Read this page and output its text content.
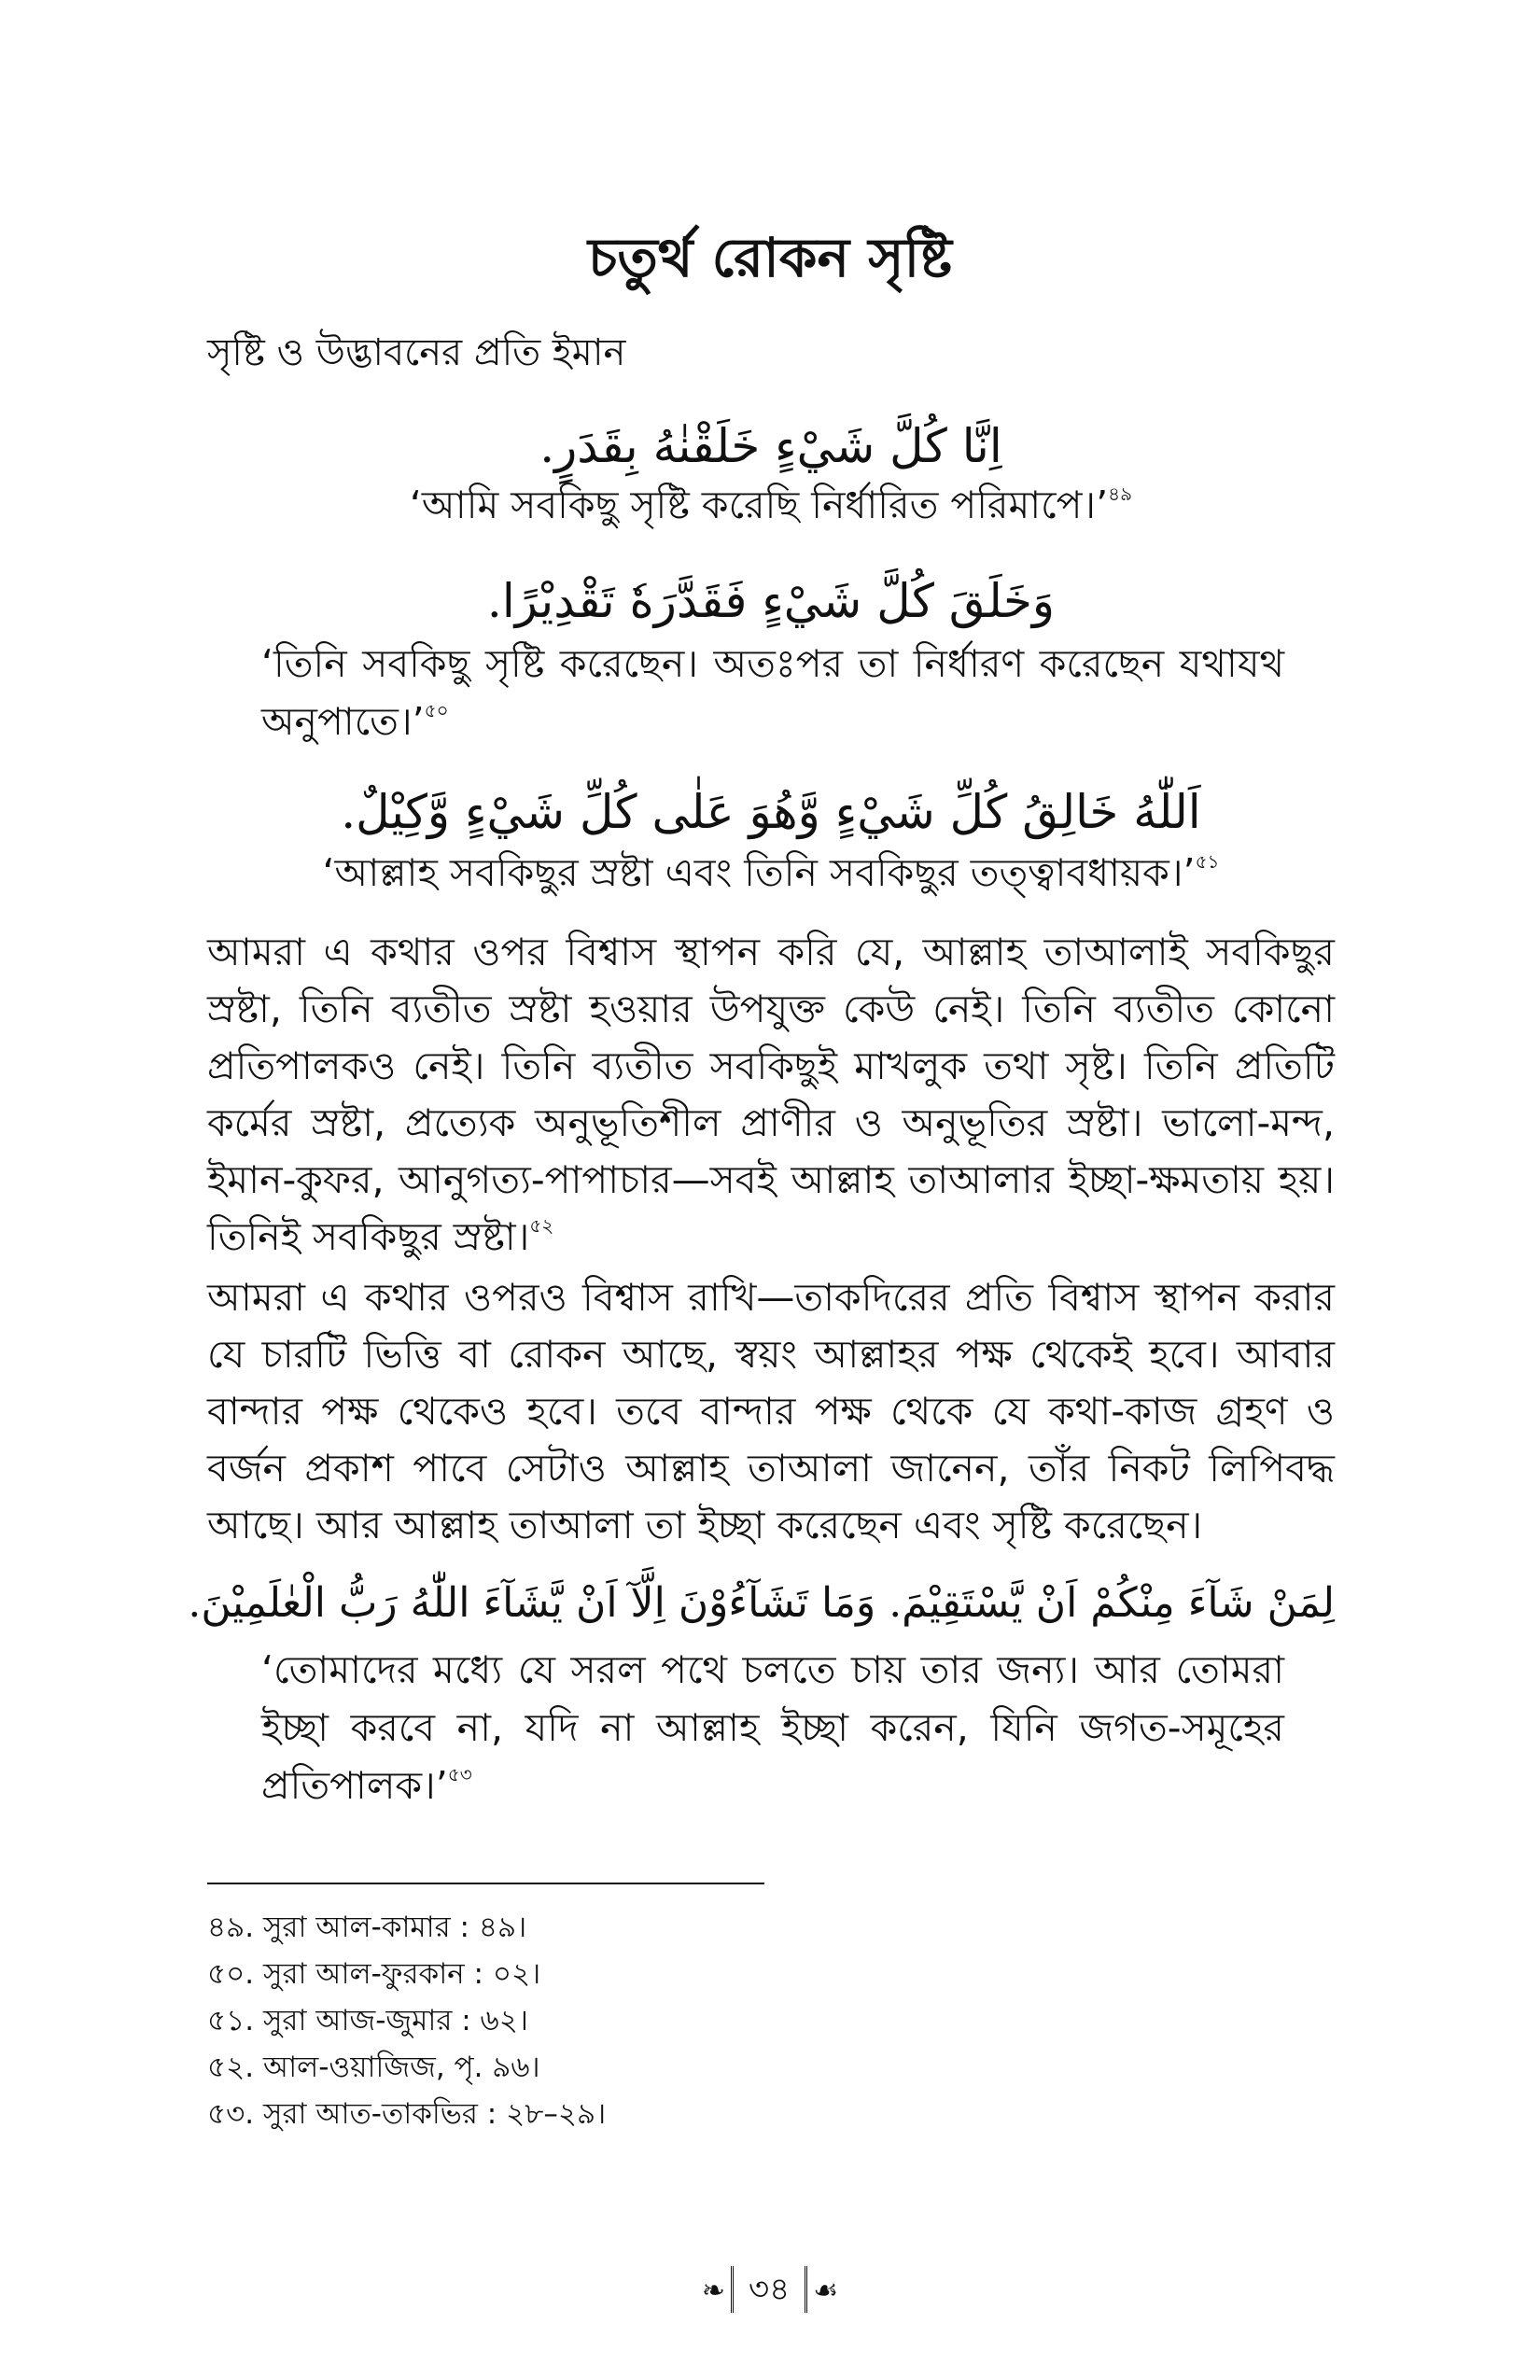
চতুর্থ রোকন সৃষ্টি
সৃষ্টি ও উদ্ভাবনের প্রতি ইমান
اِنَّا كُلَّ شَيْءٍ خَلَقْنٰهُ بِقَدَرٍ.
‘আমি সবকিছু সৃষ্টি করেছি নির্ধারিত পরিমাপে।’$^{৪৯}$
وَخَلَقَ كُلَّ شَيْءٍ فَقَدَّرَهٗ تَقْدِيْرًا.
‘তিনি সবকিছু সৃষ্টি করেছেন। অতঃপর তা নির্ধারণ করেছেন যথাযথ অনুপাতে।’$^{৫০}$
اَللّٰهُ خَالِقُ كُلِّ شَيْءٍ وَّهُوَ عَلٰى كُلِّ شَيْءٍ وَّكِيْلٌ.
‘আল্লাহ সবকিছুর স্রষ্টা এবং তিনি সবকিছুর তত্ত্বাবধায়ক।’$^{৫১}$
আমরা এ কথার ওপর বিশ্বাস স্থাপন করি যে, আল্লাহ তাআলাই সবকিছুর স্রষ্টা, তিনি ব্যতীত স্রষ্টা হওয়ার উপযুক্ত কেউ নেই। তিনি ব্যতীত কোনো প্রতিপালকও নেই। তিনি ব্যতীত সবকিছুই মাখলুক তথা সৃষ্ট। তিনি প্রতিটি কর্মের স্রষ্টা, প্রত্যেক অনুভূতিশীল প্রাণীর ও অনুভূতির স্রষ্টা। ভালো-মন্দ, ইমান-কুফর, আনুগত্য-পাপাচার—সবই আল্লাহ তাআলার ইচ্ছা-ক্ষমতায় হয়। তিনিই সবকিছুর স্রষ্টা।$^{৫২}$
আমরা এ কথার ওপরও বিশ্বাস রাখি—তাকদিরের প্রতি বিশ্বাস স্থাপন করার যে চারটি ভিত্তি বা রোকন আছে, স্বয়ং আল্লাহর পক্ষ থেকেই হবে। আবার বান্দার পক্ষ থেকেও হবে। তবে বান্দার পক্ষ থেকে যে কথা-কাজ গ্রহণ ও বর্জন প্রকাশ পাবে সেটাও আল্লাহ তাআলা জানেন, তাঁর নিকট লিপিবদ্ধ আছে। আর আল্লাহ তাআলা তা ইচ্ছা করেছেন এবং সৃষ্টি করেছেন।
لِمَنْ شَآءَ مِنْكُمْ اَنْ يَّسْتَقِيْمَ. وَمَا تَشَآءُوْنَ اِلَّآ اَنْ يَّشَآءَ اللّٰهُ رَبُّ الْعٰلَمِيْنَ.
‘তোমাদের মধ্যে যে সরল পথে চলতে চায় তার জন্য। আর তোমরা ইচ্ছা করবে না, যদি না আল্লাহ ইচ্ছা করেন, যিনি জগত-সমূহের প্রতিপালক।’$^{৫৩}$
৪৯. সুরা আল-কামার : ৪৯।
৫০. সুরা আল-ফুরকান : ০২।
৫১. সুরা আজ-জুমার : ৬২।
৫২. আল-ওয়াজিজ, পৃ. ৯৬।
৫৩. সুরা আত-তাকভির : ২৮–২৯।
❧ ৩৪ ☙
